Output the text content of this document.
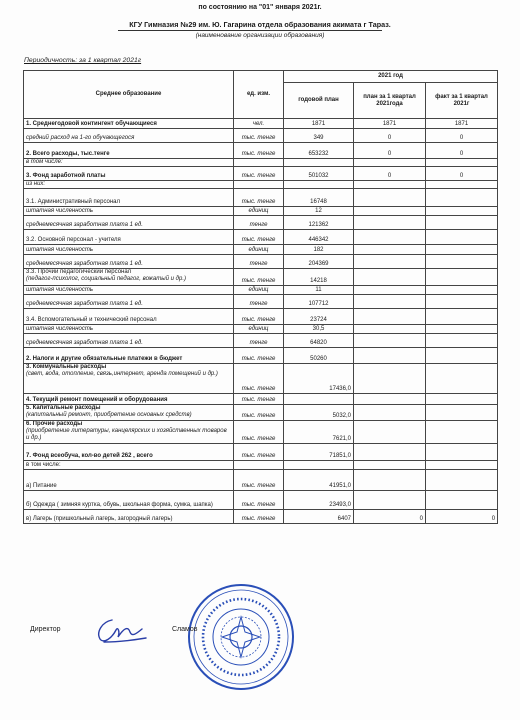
по состоянию на "01" января 2021г.
КГУ Гимназия №29 им. Ю. Гагарина отдела образования акимата г Тараз.
(наименование организации образования)
Периодичность: за 1 квартал 2021г
Среднее образование	ед. изм.	2021 год		
		годовой план	план за 1 квартал 2021года	факт за 1 квартал 2021г
1. Среднегодовой контингент обучающиеся	чел.	1871	1871	1871
средний расход на 1-го обучающегося	тыс. тенге	349	0	0
2. Всего расходы, тыс.тенге	тыс. тенге	653232	0	0
в том числе:				
3. Фонд заработной платы	тыс. тенге	501032	0	0
из них:				
3.1. Административный персонал	тыс. тенге	16748		
штатная численность	единиц	12		
среднемесячная заработная плата 1 ед.	тенге	121362		
3.2. Основной персонал - учителя	тыс. тенге	446342		
штатная численность	единиц	182		
среднемесячная заработная плата 1 ед.	тенге	204369		
3.3. Прочий педагогический персонал
(педагог-психолог, социальный педагог, вожатый и др.)	тыс. тенге	14218		
штатная численность	единиц	11		
среднемесячная заработная плата 1 ед.	тенге	107712		
3.4. Вспомогательный и технический персонал	тыс. тенге	23724		
штатная численность	единиц	30,5		
среднемесячная заработная плата 1 ед.	тенге	64820		
2. Налоги и другие обязательные платежи в бюджет	тыс. тенге	50260		
3. Коммунальные расходы
(свет, вода, отопление, связь,интернет, арeндa помещений и др.)	тыс. тенге	17436,0		
4. Текущий ремонт помещений и оборудования	тыс. тенге			
5. Капитальные расходы
(капитальный ремонт, приобретение основных средств)	тыс. тенге	5032,0		
6. Прочие расходы
(приобретение литературы, канцелярских и хозяйственных товаров и др.)	тыс. тенге	7621,0		
7. Фонд всеобуча, кол-во детей 262 , всего	тыс. тенге	71851,0		
в том числе:				
а) Питание	тыс. тенге	41951,0		
б) Одежда ( зимняя куртка, обувь, школьная форма, сумка, шапка)	тыс. тенге	23493,0		
в) Лагерь (пришкольный лагерь, загородный лагерь)	тыс. тенге	6407	0	0
Директор	Сламов
